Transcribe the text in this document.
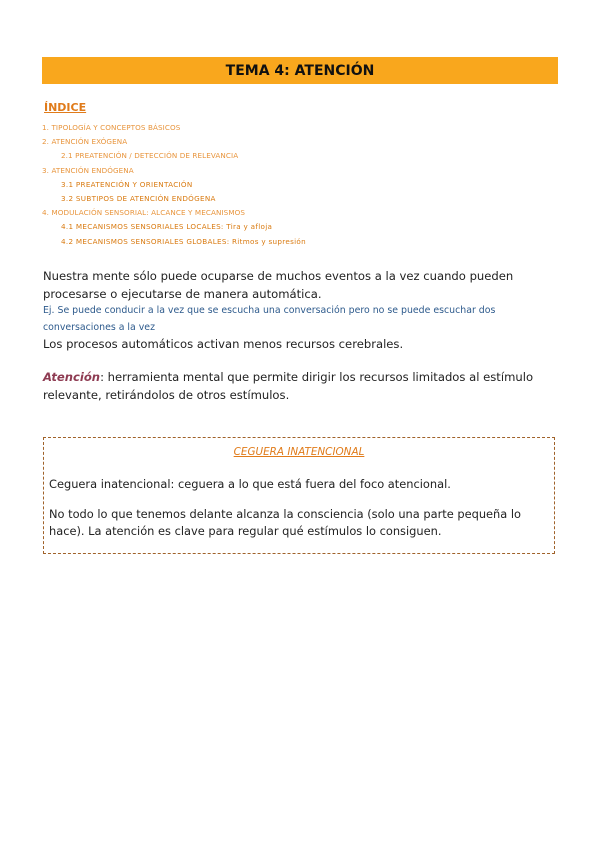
TEMA 4: ATENCIÓN
ÍNDICE
1. TIPOLOGÍA Y CONCEPTOS BÁSICOS
2. ATENCIÓN EXÓGENA
2.1 PREATENCIÓN / DETECCIÓN DE RELEVANCIA
3. ATENCIÓN ENDÓGENA
3.1 PREATENCIÓN Y ORIENTACIÓN
3.2 SUBTIPOS DE ATENCIÓN ENDÓGENA
4. MODULACIÓN SENSORIAL: ALCANCE Y MECANISMOS
4.1 MECANISMOS SENSORIALES LOCALES: Tira y afloja
4.2 MECANISMOS SENSORIALES GLOBALES: Ritmos y supresión
Nuestra mente sólo puede ocuparse de muchos eventos a la vez cuando pueden procesarse o ejecutarse de manera automática.
Ej. Se puede conducir a la vez que se escucha una conversación pero no se puede escuchar dos conversaciones a la vez
Los procesos automáticos activan menos recursos cerebrales.
Atención: herramienta mental que permite dirigir los recursos limitados al estímulo relevante, retirándolos de otros estímulos.
CEGUERA INATENCIONAL
Ceguera inatencional: ceguera a lo que está fuera del foco atencional.
No todo lo que tenemos delante alcanza la consciencia (solo una parte pequeña lo hace). La atención es clave para regular qué estímulos lo consiguen.
